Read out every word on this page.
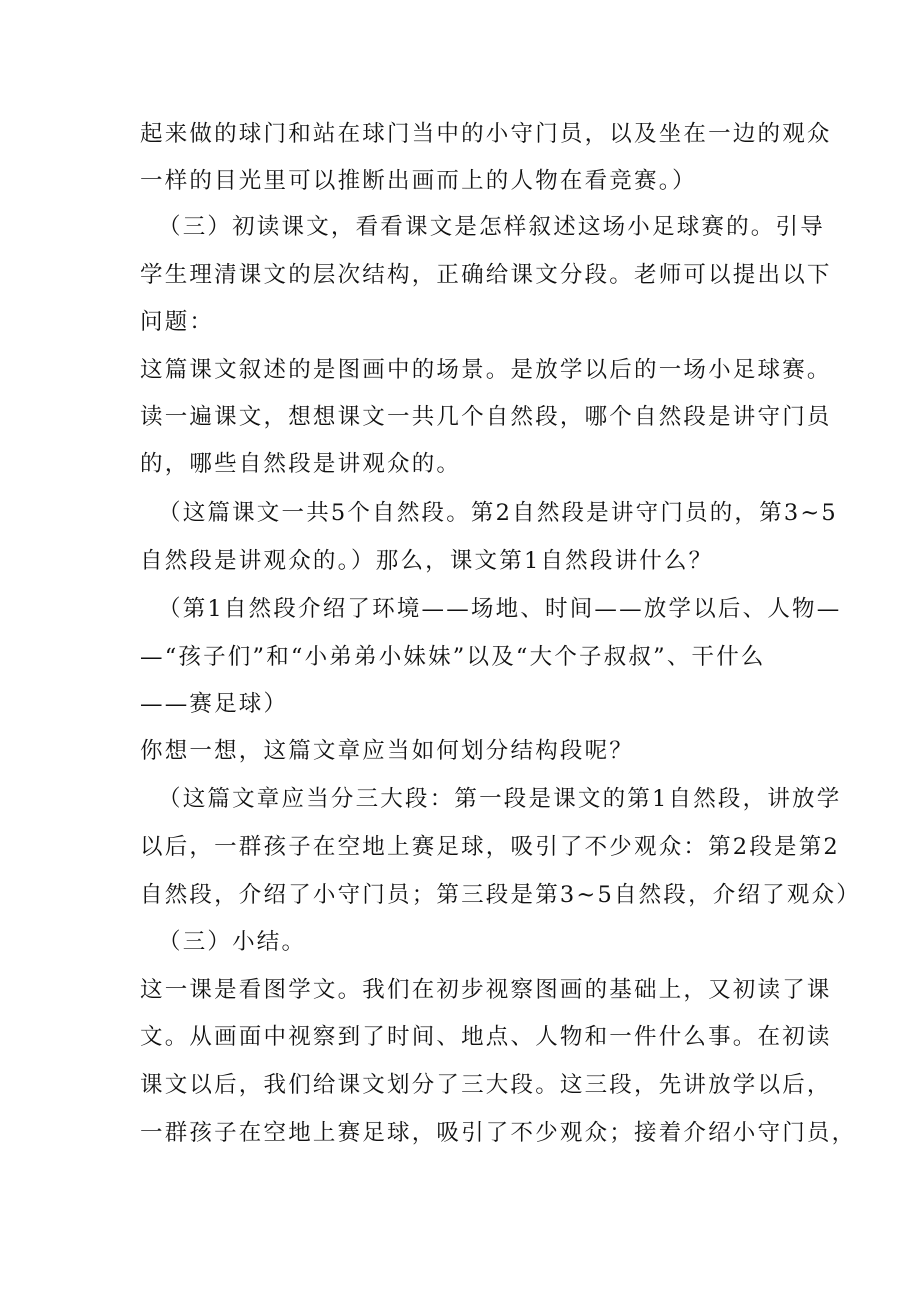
起来做的球门和站在球门当中的小守门员，以及坐在一边的观众
一样的目光里可以推断出画而上的人物在看竞赛。）
（三）初读课文，看看课文是怎样叙述这场小足球赛的。引导
学生理清课文的层次结构，正确给课文分段。老师可以提出以下
问题：
这篇课文叙述的是图画中的场景。是放学以后的一场小足球赛。
读一遍课文，想想课文一共几个自然段，哪个自然段是讲守门员
的，哪些自然段是讲观众的。
（这篇课文一共5个自然段。第2自然段是讲守门员的，第3~5
自然段是讲观众的。）那么，课文第1自然段讲什么？
（第1自然段介绍了环境——场地、时间——放学以后、人物—
—“孩子们”和“小弟弟小妹妹”以及“大个子叔叔”、干什么
——赛足球）
你想一想，这篇文章应当如何划分结构段呢？
（这篇文章应当分三大段：第一段是课文的第1自然段，讲放学
以后，一群孩子在空地上赛足球，吸引了不少观众：第2段是第2
自然段，介绍了小守门员；第三段是第3~5自然段，介绍了观众）
（三）小结。
这一课是看图学文。我们在初步视察图画的基础上，又初读了课
文。从画面中视察到了时间、地点、人物和一件什么事。在初读
课文以后，我们给课文划分了三大段。这三段，先讲放学以后，
一群孩子在空地上赛足球，吸引了不少观众；接着介绍小守门员，
